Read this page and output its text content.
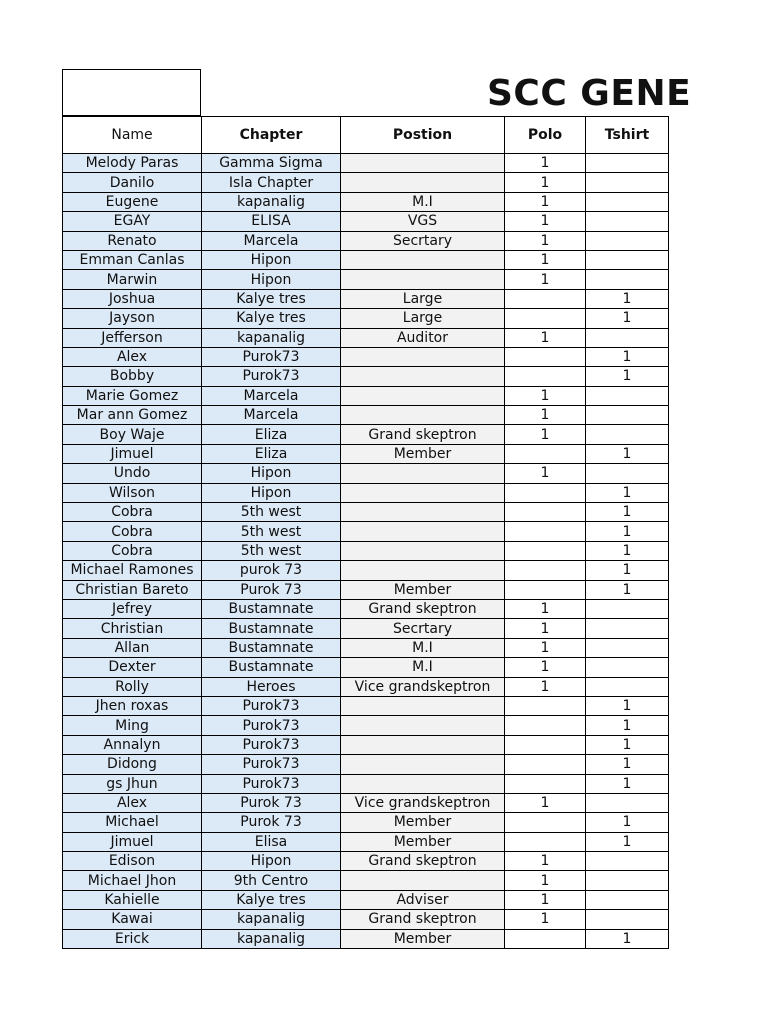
SCC GENE
Name	Chapter	Postion	Polo	Tshirt
Melody Paras	Gamma Sigma		1	
Danilo	Isla Chapter		1	
Eugene	kapanalig	M.I	1	
EGAY	ELISA	VGS	1	
Renato	Marcela	Secrtary	1	
Emman Canlas	Hipon		1	
Marwin	Hipon		1	
Joshua	Kalye tres	Large		1
Jayson	Kalye tres	Large		1
Jefferson	kapanalig	Auditor	1	
Alex	Purok73			1
Bobby	Purok73			1
Marie Gomez	Marcela		1	
Mar ann Gomez	Marcela		1	
Boy Waje	Eliza	Grand skeptron	1	
Jimuel	Eliza	Member		1
Undo	Hipon		1	
Wilson	Hipon			1
Cobra	5th west			1
Cobra	5th west			1
Cobra	5th west			1
Michael Ramones	purok 73			1
Christian Bareto	Purok 73	Member		1
Jefrey	Bustamnate	Grand skeptron	1	
Christian	Bustamnate	Secrtary	1	
Allan	Bustamnate	M.I	1	
Dexter	Bustamnate	M.I	1	
Rolly	Heroes	Vice grandskeptron	1	
Jhen roxas	Purok73			1
Ming	Purok73			1
Annalyn	Purok73			1
Didong	Purok73			1
gs Jhun	Purok73			1
Alex	Purok 73	Vice grandskeptron	1	
Michael	Purok 73	Member		1
Jimuel	Elisa	Member		1
Edison	Hipon	Grand skeptron	1	
Michael Jhon	9th Centro		1	
Kahielle	Kalye tres	Adviser	1	
Kawai	kapanalig	Grand skeptron	1	
Erick	kapanalig	Member		1
